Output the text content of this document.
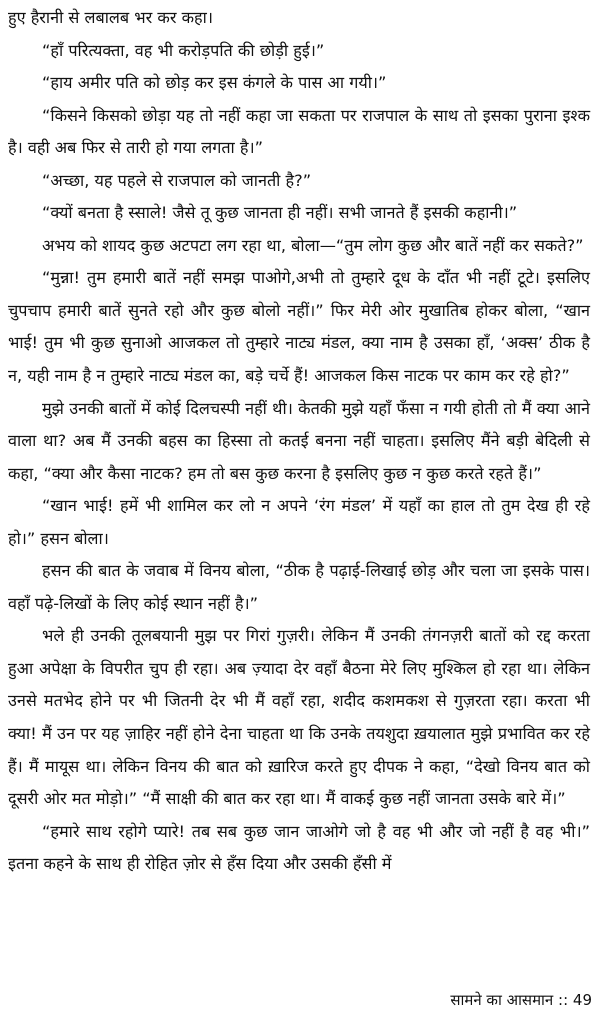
हुए हैरानी से लबालब भर कर कहा।

“हाँ परित्यक्ता, वह भी करोड़पति की छोड़ी हुई।”

“हाय अमीर पति को छोड़ कर इस कंगले के पास आ गयी।”

“किसने किसको छोड़ा यह तो नहीं कहा जा सकता पर राजपाल के साथ तो इसका पुराना इश्क है। वही अब फिर से तारी हो गया लगता है।”

“अच्छा, यह पहले से राजपाल को जानती है?”

“क्यों बनता है स्साले! जैसे तू कुछ जानता ही नहीं। सभी जानते हैं इसकी कहानी।”

अभय को शायद कुछ अटपटा लग रहा था, बोला—“तुम लोग कुछ और बातें नहीं कर सकते?”

“मुन्ना! तुम हमारी बातें नहीं समझ पाओगे,अभी तो तुम्हारे दूध के दाँत भी नहीं टूटे। इसलिए चुपचाप हमारी बातें सुनते रहो और कुछ बोलो नहीं।” फिर मेरी ओर मुखातिब होकर बोला, “खान भाई! तुम भी कुछ सुनाओ आजकल तो तुम्हारे नाट्य मंडल, क्या नाम है उसका हाँ, ‘अक्स’ ठीक है न, यही नाम है न तुम्हारे नाट्य मंडल का, बड़े चर्चे हैं! आजकल किस नाटक पर काम कर रहे हो?”

मुझे उनकी बातों में कोई दिलचस्पी नहीं थी। केतकी मुझे यहाँ फँसा न गयी होती तो मैं क्या आने वाला था? अब मैं उनकी बहस का हिस्सा तो कतई बनना नहीं चाहता। इसलिए मैंने बड़ी बेदिली से कहा, “क्या और कैसा नाटक? हम तो बस कुछ करना है इसलिए कुछ न कुछ करते रहते हैं।”

“खान भाई! हमें भी शामिल कर लो न अपने ‘रंग मंडल’ में यहाँ का हाल तो तुम देख ही रहे हो।” हसन बोला।

हसन की बात के जवाब में विनय बोला, “ठीक है पढ़ाई-लिखाई छोड़ और चला जा इसके पास। वहाँ पढ़े-लिखों के लिए कोई स्थान नहीं है।”

भले ही उनकी तूलबयानी मुझ पर गिरां गुज़री। लेकिन मैं उनकी तंगनज़री बातों को रद्द करता हुआ अपेक्षा के विपरीत चुप ही रहा। अब ज़्यादा देर वहाँ बैठना मेरे लिए मुश्किल हो रहा था। लेकिन उनसे मतभेद होने पर भी जितनी देर भी मैं वहाँ रहा, शदीद कशमकश से गुज़रता रहा। करता भी क्या! मैं उन पर यह ज़ाहिर नहीं होने देना चाहता था कि उनके तयशुदा ख़यालात मुझे प्रभावित कर रहे हैं। मैं मायूस था। लेकिन विनय की बात को ख़ारिज करते हुए दीपक ने कहा, “देखो विनय बात को दूसरी ओर मत मोड़ो।” “मैं साक्षी की बात कर रहा था। मैं वाकई कुछ नहीं जानता उसके बारे में।”

“हमारे साथ रहोगे प्यारे! तब सब कुछ जान जाओगे जो है वह भी और जो नहीं है वह भी।” इतना कहने के साथ ही रोहित ज़ोर से हँस दिया और उसकी हँसी में

सामने का आसमान :: 49
